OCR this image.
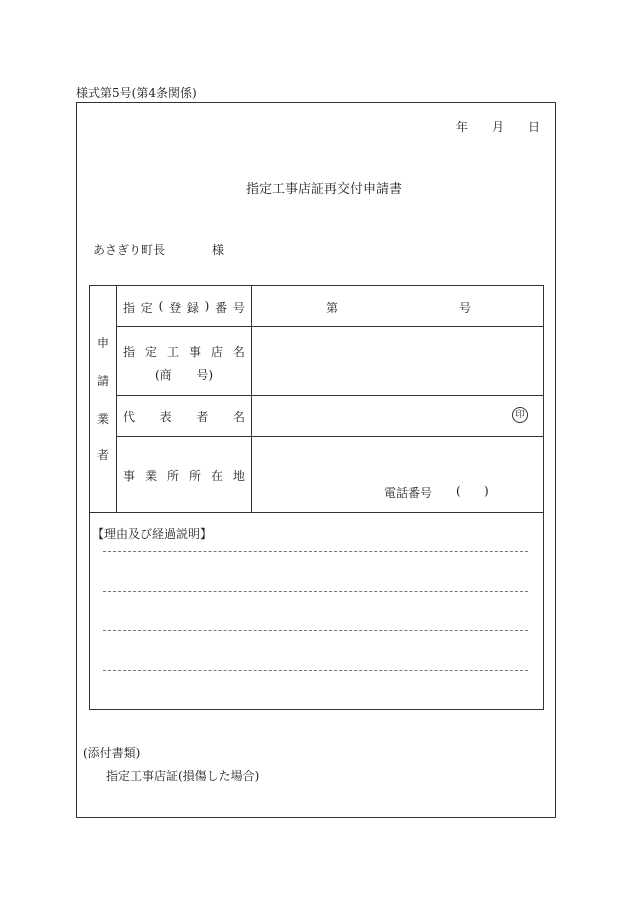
様式第5号(第4条関係)
年 月 日
指定工事店証再交付申請書
あさぎり町長	様
申
請
業
者
指 定 ( 登 録 ) 番 号	第	号
指 定 工 事 店 名
(商 号)
代 表 者 名	印
事 業 所 所 在 地
電話番号 ( )
【理由及び経過説明】
(添付書類)
指定工事店証(損傷した場合)
